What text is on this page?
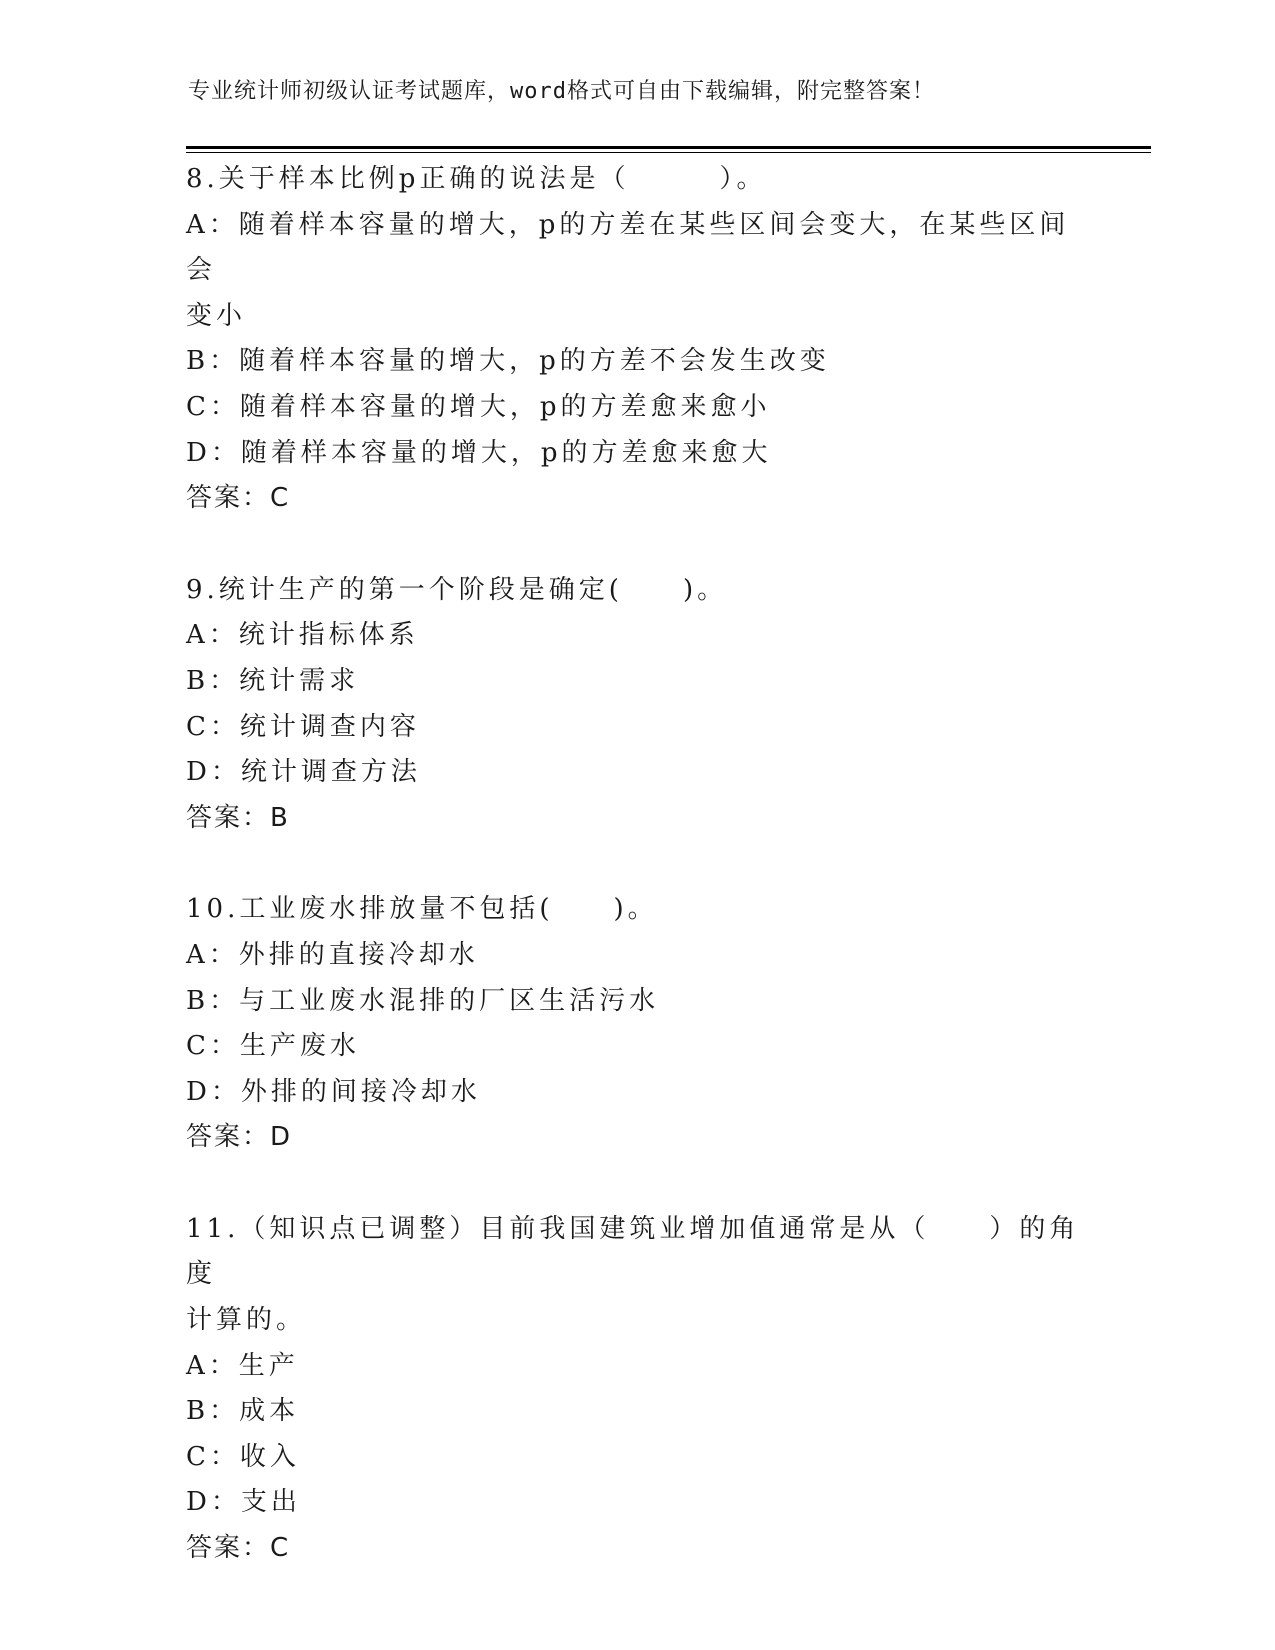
专业统计师初级认证考试题库，word格式可自由下载编辑，附完整答案！
8.关于样本比例p正确的说法是（　　　）。
A：随着样本容量的增大，p的方差在某些区间会变大，在某些区间会
变小
B：随着样本容量的增大，p的方差不会发生改变
C：随着样本容量的增大，p的方差愈来愈小
D：随着样本容量的增大，p的方差愈来愈大
答案：C
9.统计生产的第一个阶段是确定(　　)。
A：统计指标体系
B：统计需求
C：统计调查内容
D：统计调查方法
答案：B
10.工业废水排放量不包括(　　)。
A：外排的直接冷却水
B：与工业废水混排的厂区生活污水
C：生产废水
D：外排的间接冷却水
答案：D
11.（知识点已调整）目前我国建筑业增加值通常是从（　　）的角度
计算的。
A：生产
B：成本
C：收入
D：支出
答案：C
